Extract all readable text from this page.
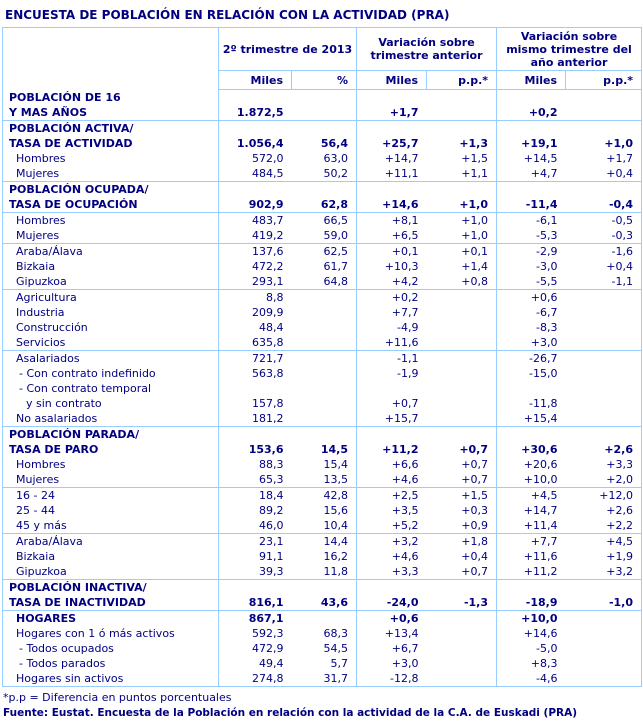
ENCUESTA DE POBLACIÓN EN RELACIÓN CON LA ACTIVIDAD (PRA)
	2º trimestre de 2013		Variación sobre trimestre anterior		Variación sobre mismo trimestre del año anterior	
	Miles	%	Miles	p.p.*	Miles	p.p.*

POBLACIÓN DE 16
Y MAS AÑOS	1.872,5		+1,7		+0,2	

POBLACIÓN ACTIVA/
TASA DE ACTIVIDAD	1.056,4	56,4	+25,7	+1,3	+19,1	+1,0

Hombres	572,0	63,0	+14,7	+1,5	+14,5	+1,7

Mujeres	484,5	50,2	+11,1	+1,1	+4,7	+0,4

POBLACIÓN OCUPADA/
TASA DE OCUPACIÓN	902,9	62,8	+14,6	+1,0	-11,4	-0,4

Hombres	483,7	66,5	+8,1	+1,0	-6,1	-0,5

Mujeres	419,2	59,0	+6,5	+1,0	-5,3	-0,3

Araba/Álava	137,6	62,5	+0,1	+0,1	-2,9	-1,6

Bizkaia	472,2	61,7	+10,3	+1,4	-3,0	+0,4

Gipuzkoa	293,1	64,8	+4,2	+0,8	-5,5	-1,1

Agricultura	8,8		+0,2		+0,6	

Industria	209,9		+7,7		-6,7	

Construcción	48,4		-4,9		-8,3	

Servicios	635,8		+11,6		+3,0	

Asalariados	721,7		-1,1		-26,7	

- Con contrato indefinido	563,8		-1,9		-15,0	

- Con contrato temporal
y sin contrato	157,8		+0,7		-11,8	

No asalariados	181,2		+15,7		+15,4	

POBLACIÓN PARADA/
TASA DE PARO	153,6	14,5	+11,2	+0,7	+30,6	+2,6

Hombres	88,3	15,4	+6,6	+0,7	+20,6	+3,3

Mujeres	65,3	13,5	+4,6	+0,7	+10,0	+2,0

16 - 24	18,4	42,8	+2,5	+1,5	+4,5	+12,0

25 - 44	89,2	15,6	+3,5	+0,3	+14,7	+2,6

45 y más	46,0	10,4	+5,2	+0,9	+11,4	+2,2

Araba/Álava	23,1	14,4	+3,2	+1,8	+7,7	+4,5

Bizkaia	91,1	16,2	+4,6	+0,4	+11,6	+1,9

Gipuzkoa	39,3	11,8	+3,3	+0,7	+11,2	+3,2

POBLACIÓN INACTIVA/
TASA DE INACTIVIDAD	816,1	43,6	-24,0	-1,3	-18,9	-1,0

HOGARES	867,1		+0,6		+10,0	

Hogares con 1 ó más activos	592,3	68,3	+13,4		+14,6	

- Todos ocupados	472,9	54,5	+6,7		-5,0	

- Todos parados	49,4	5,7	+3,0		+8,3	

Hogares sin activos	274,8	31,7	-12,8		-4,6	
*p.p = Diferencia en puntos porcentuales
Fuente: Eustat. Encuesta de la Población en relación con la actividad de la C.A. de Euskadi (PRA)
